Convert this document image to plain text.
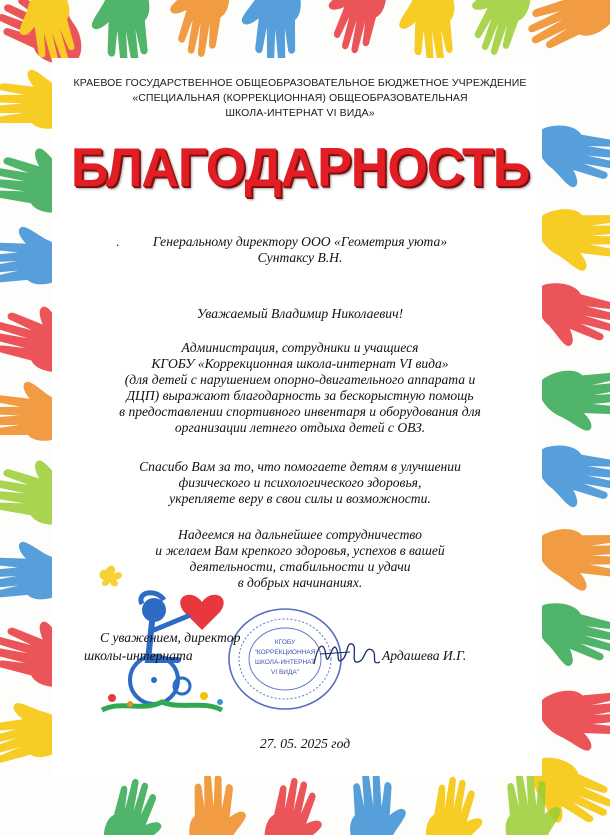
КРАЕВОЕ ГОСУДАРСТВЕННОЕ ОБЩЕОБРАЗОВАТЕЛЬНОЕ БЮДЖЕТНОЕ УЧРЕЖДЕНИЕ
«СПЕЦИАЛЬНАЯ (КОРРЕКЦИОННАЯ) ОБЩЕОБРАЗОВАТЕЛЬНАЯ
ШКОЛА-ИНТЕРНАТ VI ВИДА»
БЛАГОДАРНОСТЬ
.	Генеральному директору ООО «Геометрия уюта»
Сунтаксу В.Н.
Уважаемый Владимир Николаевич!
Администрация, сотрудники и учащиеся
КГОБУ «Коррекционная школа-интернат VI вида»
(для детей с нарушением опорно-двигательного аппарата и
ДЦП) выражают благодарность за бескорыстную помощь
в предоставлении спортивного инвентаря и оборудования для
организации летнего отдыха детей с ОВЗ.
Спасибо Вам за то, что помогаете детям в улучшении
физического и психологического здоровья,
укрепляете веру в свои силы и возможности.
Надеемся на дальнейшее сотрудничество
и желаем Вам крепкого здоровья, успехов в вашей
деятельности, стабильности и удачи
в добрых начинаниях.
КГОБУ
"КОРРЕКЦИОННАЯ
ШКОЛА-ИНТЕРНАТ
VI ВИДА"
С уважением, директор
школы-интерната	Ардашева И.Г.
27. 05. 2025 год
